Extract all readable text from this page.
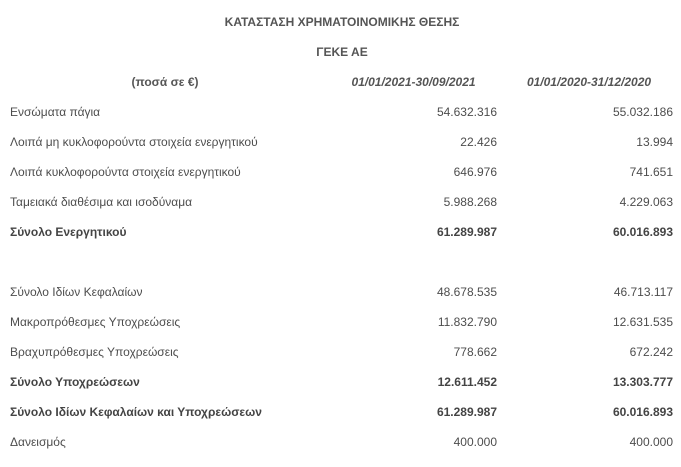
ΚΑΤΑΣΤΑΣΗ ΧΡΗΜΑΤΟΙΝΟΜΙΚΗΣ ΘΕΣΗΣ
ΓΕΚΕ ΑΕ
(ποσά σε €)	01/01/2021-30/09/2021	01/01/2020-31/12/2020
Ενσώματα πάγια	54.632.316	55.032.186
Λοιπά μη κυκλοφορούντα στοιχεία ενεργητικού	22.426	13.994
Λοιπά κυκλοφορούντα στοιχεία ενεργητικού	646.976	741.651
Ταμειακά διαθέσιμα και ισοδύναμα	5.988.268	4.229.063
Σύνολο Ενεργητικού	61.289.987	60.016.893
Σύνολο Ιδίων Κεφαλαίων	48.678.535	46.713.117
Μακροπρόθεσμες Υποχρεώσεις	11.832.790	12.631.535
Βραχυπρόθεσμες Υποχρεώσεις	778.662	672.242
Σύνολο Υποχρεώσεων	12.611.452	13.303.777
Σύνολο Ιδίων Κεφαλαίων και Υποχρεώσεων	61.289.987	60.016.893
Δανεισμός	400.000	400.000
